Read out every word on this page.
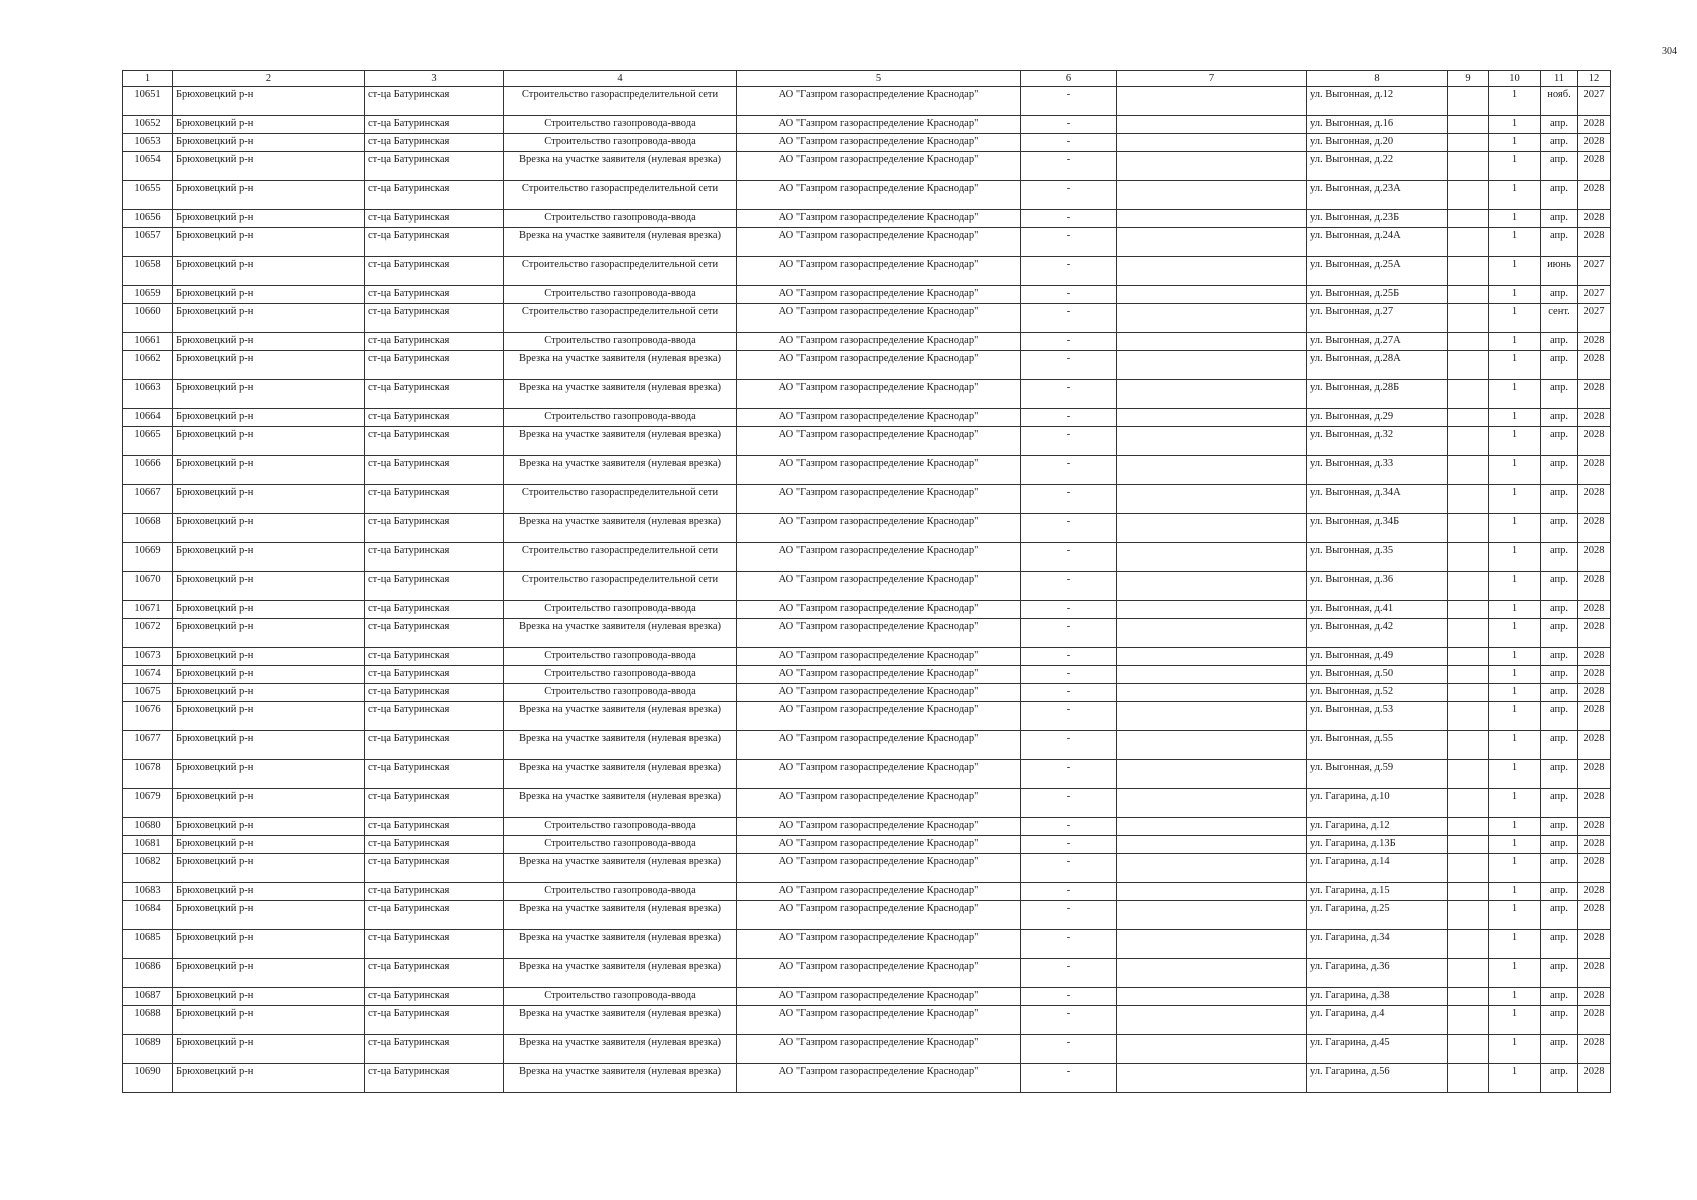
304
1	2	3	4	5	6	7	8	9	10	11	12
10651	Брюховецкий р-н	ст-ца Батуринская	Строительство газораспределительной сети	АО "Газпром газораспределение Краснодар"	-		ул. Выгонная, д.12		1	нояб.	2027
10652	Брюховецкий р-н	ст-ца Батуринская	Строительство газопровода-ввода	АО "Газпром газораспределение Краснодар"	-		ул. Выгонная, д.16		1	апр.	2028
10653	Брюховецкий р-н	ст-ца Батуринская	Строительство газопровода-ввода	АО "Газпром газораспределение Краснодар"	-		ул. Выгонная, д.20		1	апр.	2028
10654	Брюховецкий р-н	ст-ца Батуринская	Врезка на участке заявителя (нулевая врезка)	АО "Газпром газораспределение Краснодар"	-		ул. Выгонная, д.22		1	апр.	2028
10655	Брюховецкий р-н	ст-ца Батуринская	Строительство газораспределительной сети	АО "Газпром газораспределение Краснодар"	-		ул. Выгонная, д.23А		1	апр.	2028
10656	Брюховецкий р-н	ст-ца Батуринская	Строительство газопровода-ввода	АО "Газпром газораспределение Краснодар"	-		ул. Выгонная, д.23Б		1	апр.	2028
10657	Брюховецкий р-н	ст-ца Батуринская	Врезка на участке заявителя (нулевая врезка)	АО "Газпром газораспределение Краснодар"	-		ул. Выгонная, д.24А		1	апр.	2028
10658	Брюховецкий р-н	ст-ца Батуринская	Строительство газораспределительной сети	АО "Газпром газораспределение Краснодар"	-		ул. Выгонная, д.25А		1	июнь	2027
10659	Брюховецкий р-н	ст-ца Батуринская	Строительство газопровода-ввода	АО "Газпром газораспределение Краснодар"	-		ул. Выгонная, д.25Б		1	апр.	2027
10660	Брюховецкий р-н	ст-ца Батуринская	Строительство газораспределительной сети	АО "Газпром газораспределение Краснодар"	-		ул. Выгонная, д.27		1	сент.	2027
10661	Брюховецкий р-н	ст-ца Батуринская	Строительство газопровода-ввода	АО "Газпром газораспределение Краснодар"	-		ул. Выгонная, д.27А		1	апр.	2028
10662	Брюховецкий р-н	ст-ца Батуринская	Врезка на участке заявителя (нулевая врезка)	АО "Газпром газораспределение Краснодар"	-		ул. Выгонная, д.28А		1	апр.	2028
10663	Брюховецкий р-н	ст-ца Батуринская	Врезка на участке заявителя (нулевая врезка)	АО "Газпром газораспределение Краснодар"	-		ул. Выгонная, д.28Б		1	апр.	2028
10664	Брюховецкий р-н	ст-ца Батуринская	Строительство газопровода-ввода	АО "Газпром газораспределение Краснодар"	-		ул. Выгонная, д.29		1	апр.	2028
10665	Брюховецкий р-н	ст-ца Батуринская	Врезка на участке заявителя (нулевая врезка)	АО "Газпром газораспределение Краснодар"	-		ул. Выгонная, д.32		1	апр.	2028
10666	Брюховецкий р-н	ст-ца Батуринская	Врезка на участке заявителя (нулевая врезка)	АО "Газпром газораспределение Краснодар"	-		ул. Выгонная, д.33		1	апр.	2028
10667	Брюховецкий р-н	ст-ца Батуринская	Строительство газораспределительной сети	АО "Газпром газораспределение Краснодар"	-		ул. Выгонная, д.34А		1	апр.	2028
10668	Брюховецкий р-н	ст-ца Батуринская	Врезка на участке заявителя (нулевая врезка)	АО "Газпром газораспределение Краснодар"	-		ул. Выгонная, д.34Б		1	апр.	2028
10669	Брюховецкий р-н	ст-ца Батуринская	Строительство газораспределительной сети	АО "Газпром газораспределение Краснодар"	-		ул. Выгонная, д.35		1	апр.	2028
10670	Брюховецкий р-н	ст-ца Батуринская	Строительство газораспределительной сети	АО "Газпром газораспределение Краснодар"	-		ул. Выгонная, д.36		1	апр.	2028
10671	Брюховецкий р-н	ст-ца Батуринская	Строительство газопровода-ввода	АО "Газпром газораспределение Краснодар"	-		ул. Выгонная, д.41		1	апр.	2028
10672	Брюховецкий р-н	ст-ца Батуринская	Врезка на участке заявителя (нулевая врезка)	АО "Газпром газораспределение Краснодар"	-		ул. Выгонная, д.42		1	апр.	2028
10673	Брюховецкий р-н	ст-ца Батуринская	Строительство газопровода-ввода	АО "Газпром газораспределение Краснодар"	-		ул. Выгонная, д.49		1	апр.	2028
10674	Брюховецкий р-н	ст-ца Батуринская	Строительство газопровода-ввода	АО "Газпром газораспределение Краснодар"	-		ул. Выгонная, д.50		1	апр.	2028
10675	Брюховецкий р-н	ст-ца Батуринская	Строительство газопровода-ввода	АО "Газпром газораспределение Краснодар"	-		ул. Выгонная, д.52		1	апр.	2028
10676	Брюховецкий р-н	ст-ца Батуринская	Врезка на участке заявителя (нулевая врезка)	АО "Газпром газораспределение Краснодар"	-		ул. Выгонная, д.53		1	апр.	2028
10677	Брюховецкий р-н	ст-ца Батуринская	Врезка на участке заявителя (нулевая врезка)	АО "Газпром газораспределение Краснодар"	-		ул. Выгонная, д.55		1	апр.	2028
10678	Брюховецкий р-н	ст-ца Батуринская	Врезка на участке заявителя (нулевая врезка)	АО "Газпром газораспределение Краснодар"	-		ул. Выгонная, д.59		1	апр.	2028
10679	Брюховецкий р-н	ст-ца Батуринская	Врезка на участке заявителя (нулевая врезка)	АО "Газпром газораспределение Краснодар"	-		ул. Гагарина, д.10		1	апр.	2028
10680	Брюховецкий р-н	ст-ца Батуринская	Строительство газопровода-ввода	АО "Газпром газораспределение Краснодар"	-		ул. Гагарина, д.12		1	апр.	2028
10681	Брюховецкий р-н	ст-ца Батуринская	Строительство газопровода-ввода	АО "Газпром газораспределение Краснодар"	-		ул. Гагарина, д.13Б		1	апр.	2028
10682	Брюховецкий р-н	ст-ца Батуринская	Врезка на участке заявителя (нулевая врезка)	АО "Газпром газораспределение Краснодар"	-		ул. Гагарина, д.14		1	апр.	2028
10683	Брюховецкий р-н	ст-ца Батуринская	Строительство газопровода-ввода	АО "Газпром газораспределение Краснодар"	-		ул. Гагарина, д.15		1	апр.	2028
10684	Брюховецкий р-н	ст-ца Батуринская	Врезка на участке заявителя (нулевая врезка)	АО "Газпром газораспределение Краснодар"	-		ул. Гагарина, д.25		1	апр.	2028
10685	Брюховецкий р-н	ст-ца Батуринская	Врезка на участке заявителя (нулевая врезка)	АО "Газпром газораспределение Краснодар"	-		ул. Гагарина, д.34		1	апр.	2028
10686	Брюховецкий р-н	ст-ца Батуринская	Врезка на участке заявителя (нулевая врезка)	АО "Газпром газораспределение Краснодар"	-		ул. Гагарина, д.36		1	апр.	2028
10687	Брюховецкий р-н	ст-ца Батуринская	Строительство газопровода-ввода	АО "Газпром газораспределение Краснодар"	-		ул. Гагарина, д.38		1	апр.	2028
10688	Брюховецкий р-н	ст-ца Батуринская	Врезка на участке заявителя (нулевая врезка)	АО "Газпром газораспределение Краснодар"	-		ул. Гагарина, д.4		1	апр.	2028
10689	Брюховецкий р-н	ст-ца Батуринская	Врезка на участке заявителя (нулевая врезка)	АО "Газпром газораспределение Краснодар"	-		ул. Гагарина, д.45		1	апр.	2028
10690	Брюховецкий р-н	ст-ца Батуринская	Врезка на участке заявителя (нулевая врезка)	АО "Газпром газораспределение Краснодар"	-		ул. Гагарина, д.56		1	апр.	2028
